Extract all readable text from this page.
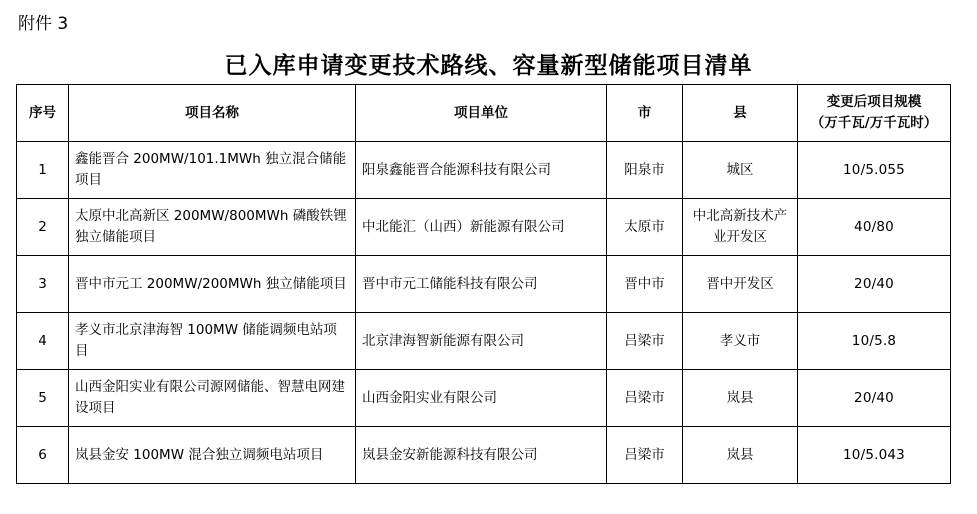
附件 3
已入库申请变更技术路线、容量新型储能项目清单
序号	项目名称	项目单位	市	县	变更后项目规模
（万千瓦/万千瓦时）

1	鑫能晋合 200MW/101.1MWh 独立混合储能项目	阳泉鑫能晋合能源科技有限公司	阳泉市	城区	10/5.055
2	太原中北高新区 200MW/800MWh 磷酸铁锂独立储能项目	中北能汇（山西）新能源有限公司	太原市	中北高新技术产业开发区	40/80
3	晋中市元工 200MW/200MWh 独立储能项目	晋中市元工储能科技有限公司	晋中市	晋中开发区	20/40
4	孝义市北京津海智 100MW 储能调频电站项目	北京津海智新能源有限公司	吕梁市	孝义市	10/5.8
5	山西金阳实业有限公司源网储能、智慧电网建设项目	山西金阳实业有限公司	吕梁市	岚县	20/40
6	岚县金安 100MW 混合独立调频电站项目	岚县金安新能源科技有限公司	吕梁市	岚县	10/5.043
